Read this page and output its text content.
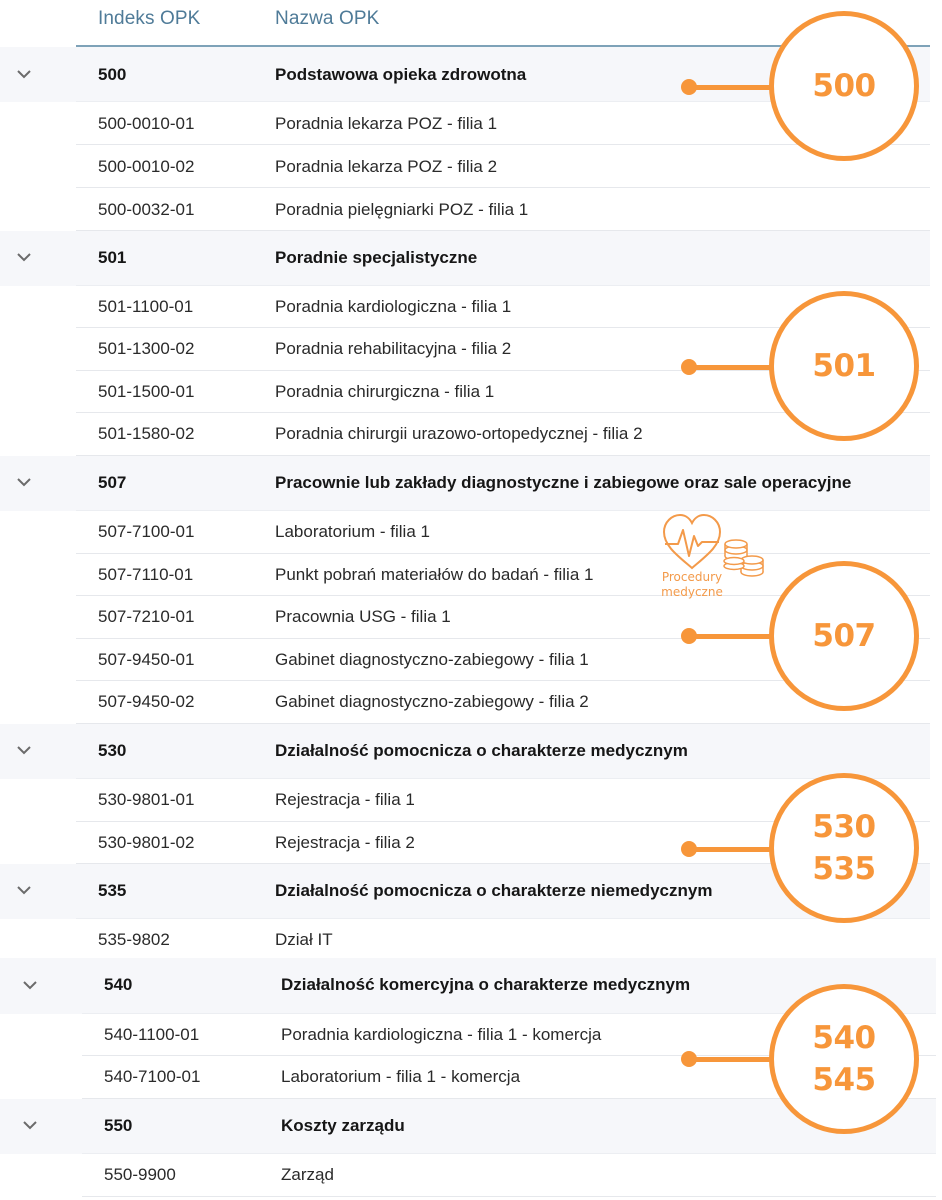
Indeks OPK	Nazwa OPK
500	Podstawowa opieka zdrowotna
500-0010-01	Poradnia lekarza POZ - filia 1
500-0010-02	Poradnia lekarza POZ - filia 2
500-0032-01	Poradnia pielęgniarki POZ - filia 1
501	Poradnie specjalistyczne
501-1100-01	Poradnia kardiologiczna - filia 1
501-1300-02	Poradnia rehabilitacyjna - filia 2
501-1500-01	Poradnia chirurgiczna - filia 1
501-1580-02	Poradnia chirurgii urazowo-ortopedycznej - filia 2
507	Pracownie lub zakłady diagnostyczne i zabiegowe oraz sale operacyjne
507-7100-01	Laboratorium - filia 1
507-7110-01	Punkt pobrań materiałów do badań - filia 1
507-7210-01	Pracownia USG - filia 1
507-9450-01	Gabinet diagnostyczno-zabiegowy - filia 1
507-9450-02	Gabinet diagnostyczno-zabiegowy - filia 2
530	Działalność pomocnicza o charakterze medycznym
530-9801-01	Rejestracja - filia 1
530-9801-02	Rejestracja - filia 2
535	Działalność pomocnicza o charakterze niemedycznym
535-9802	Dział IT
540	Działalność komercyjna o charakterze medycznym
540-1100-01	Poradnia kardiologiczna - filia 1 - komercja
540-7100-01	Laboratorium - filia 1 - komercja
550	Koszty zarządu
550-9900	Zarząd
500
501
507
530
535
540
545
Procedury
medyczne
